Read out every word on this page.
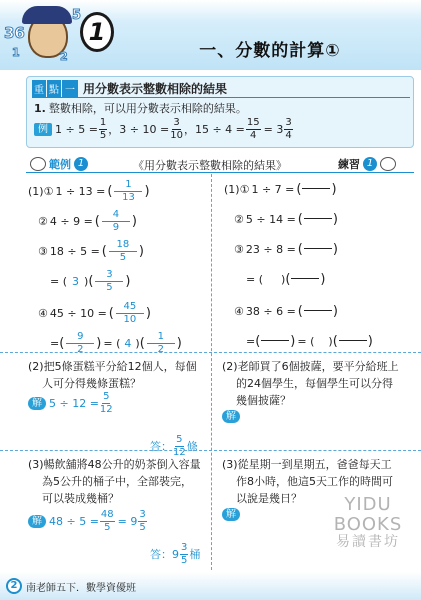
36
5
1	2
1
一、分數的計算①
重 點 一 用分數表示整數相除的結果
1. 整數相除，可以用分數表示相除的結果。
例 $1 \div 5 = \frac{1}{5}$ ，$3 \div 10 = \frac{3}{10}$ ，$15 \div 4 = \frac{15}{4} = 3 \frac{3}{4}$
範例 1	《用分數表示整數相除的結果》	練習 1
(1)① 1 ÷ 13 = ( $\frac{1}{13}$ )
② 4 ÷ 9 = ( $\frac{4}{9}$ )
③ 18 ÷ 5 = ( $\frac{18}{5}$ )
= ( 3 ) ( $\frac{3}{5}$ )
④ 45 ÷ 10 = ( $\frac{45}{10}$ )
= ( $\frac{9}{2}$ ) = ( 4 ) ( $\frac{1}{2}$ )
(2)把5條蛋糕平分給12個人，每個
人可分得幾條蛋糕？
解 $5 \div 12 = \frac{5}{12}$
答： $\frac{5}{12}$ 條
(3)暢飲舖將48公升的奶茶倒入容量
為5公升的桶子中，全部裝完，
可以裝成幾桶？
解 $48 \div 5 = \frac{48}{5} = 9 \frac{3}{5}$
答：$9 \frac{3}{5}$ 桶
(1)① 1 ÷ 7 = ( )
② 5 ÷ 14 = ( )
③ 23 ÷ 8 = ( )
= ( ) ( )
④ 38 ÷ 6 = ( )
= ( ) = ( ) ( )
(2)老師買了6個披薩，要平分給班上
的24個學生，每個學生可以分得
幾個披薩？
解
(3)從星期一到星期五，爸爸每天工
作8小時，他這5天工作的時間可
以說是幾日？
解	YIDU
BOOKS
易讀書坊
2 南老師五下．數學資優班
